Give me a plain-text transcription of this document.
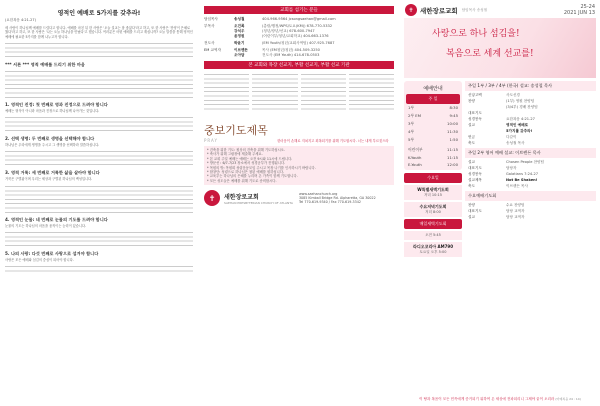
영적인 예배로 5가지를 갖추라!
(요한복음 4:21-27)
세 사람이 하나님께 예배를 드렸다고 합니다. 예배를 마친 뒤 한 사람은 '오늘 설교는 참 좋았다'라고 하고, 또 한 사람은 '찬양이 은혜로웠다'라고 하고, 또 한 사람은 '나는 오늘 하나님을 만났다'고 했습니다. 여러분은 어떤 예배를 드리고 계십니까? 오늘 말씀을 통해 영적인 예배에 필요한 5가지를 함께 나누고자 합니다.
*** 서론 *** 영적 예배를 드리기 위한 마음
1. 영적인 진정: 첫 번째로 영과 진정으로 드려야 합니다
예배는 형식이 아니라 마음과 진정으로 하나님께 나아가는 것입니다.
2. 선택 생명: 두 번째로 생명을 선택해야 합니다
하나님은 우리에게 생명을 주시고 그 생명을 선택하라 말씀하십니다.
3. 영적 거룩: 세 번째로 거룩한 삶을 살아야 합니다
거룩은 구별됨이며 우리는 세상과 구별된 하나님의 백성입니다.
4. 영적인 눈물: 네 번째로 눈물의 기도를 드려야 합니다
눈물의 기도는 하나님의 마음을 움직이는 능력이 있습니다.
5. 나의 사랑: 다섯 번째로 사랑으로 섬겨야 합니다
사랑은 모든 예배와 섬김의 중심이 되어야 합니다.
교회를 섬기는 분들
담임목사	송성철	404-966-9564 jcsongsaehan@gmail.com
부목사	오건록	(총괄/행정/WPS/토요(KM)) 678-770-5332
강석우	(청년/장년/선교) 678-600-7947
윤정원	(어린이부/청년/교회학교) 404-663-1376
전도사	박윤기	(EM Youth/청년/교회사역팀) 407-925-7687
EM 교역자	이브렌든	목사 (EM청년/청년) 404-509-3250
오아담	전도사 (EM Youth) 414-678-0503
본 교회와 목장 선교지, 부활 선교지, 부활 선교 기관
중보기도제목
PRAY	한마음이 손해로 지쳐지고 회복되기를 위해 기도합시다. 너는 내게 부르짖으라
* 건축을 위한 기도: 원상의 건축을 위해 기도하십시오.
* 축사가 위해 그림장에 제출해 주세요.
* 본 교회 주일 예배는 예배는 오전 9시와 11시에 드립니다.
* 방문선 : 6/7-7/23 장소에서 성경공부가 진행됩니다.
* 목원의 방: 목원회 성령운동모임 주시고 목장 나기를 인사하시기 바랍니다.
* 합창단: 성령으로 하나님은 참된 예배를 원하십니다.
* 교육부는 하나님의 은혜를 누리며 온 가족이 함께 기도합니다.
* 모든 성도들은 예배를 위해 기도로 준비합시다.
✝	새한장로교회
SAEHAN PRESBYTERIAN CHURCH OF ATLANTA
www.saehanchurch.org
3085 Kimball Bridge Rd. Alpharetta, GA 30022
Tel 770-619-9340 / Fax 770-619-3342
✝ 새한장로교회 담임목사 송성철	25-24
2021 JUN 13
사랑으로 하나 섬김을!
복음으로 세계 선교를!
예배안내
주 일
1부	8:30
2부 EM	9:45
3부	10:00
4부	11:30
5부	1:50
어린이부	11:15
K-Youth	11:15
E-Youth	12:00
수요일
W특별새벽기도회
저녁 10:15
수요저녁기도회
저녁 8:00
매일새벽기도회
오전 5:45
라디오코리아 AM790
토요일 오후 5:00
주일 1부 / 3부 / 4부 (한국) 설교: 송성철 목사
신앙고백	사도신경
찬양	(1부) 영원 찬양팀
(3/4부) 경배 찬양팀
대표기도
성경봉독	요한복음 4:21-27
설교	영적인 예배로
5가지를 갖추라!
헌금	다같이
축도	송성철 목사
주일 2부 영어 예배 설교: 이브렌든 목사
설교	Chosen People 찬양팀
대표기도	담당자
성경봉독	Galatians 7:24-27
설교제목	Not Be Shaken!
축도	이브렌든 목사
수요예배기도회
찬양	수요 찬양팀
대표기도	담당 교역자
설교	담당 교역자
이 땅과 복음이 모든 민족에게 증거되기 위하여 온 세상에 전파되리니 그제야 끝이 오리라 (마태복음 24 : 14)
